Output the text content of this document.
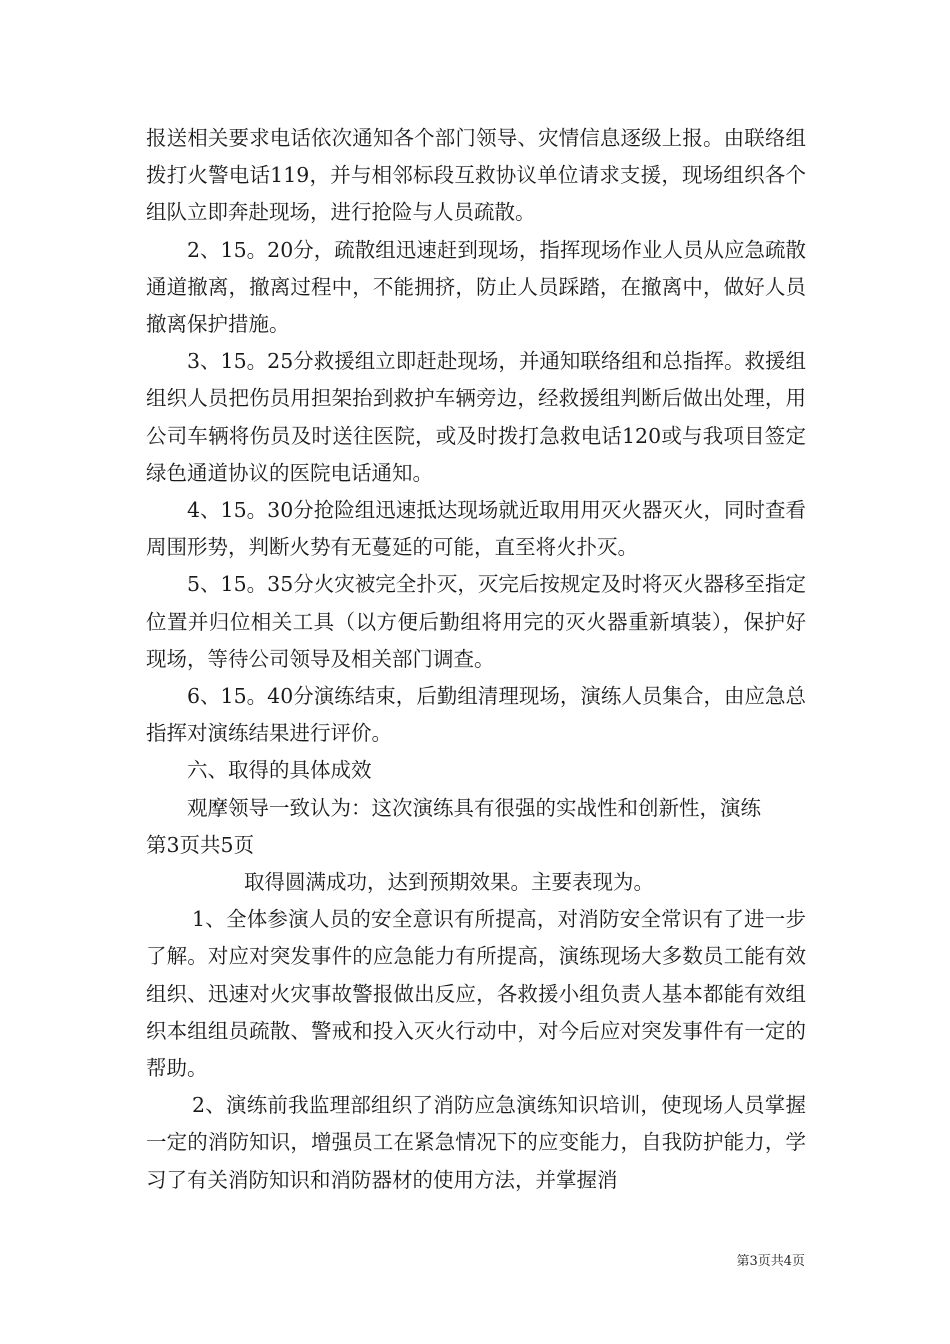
报送相关要求电话依次通知各个部门领导、灾情信息逐级上报。由联络组拨打火警电话119，并与相邻标段互救协议单位请求支援，现场组织各个组队立即奔赴现场，进行抢险与人员疏散。

2、15。20分，疏散组迅速赶到现场，指挥现场作业人员从应急疏散通道撤离，撤离过程中，不能拥挤，防止人员踩踏，在撤离中，做好人员撤离保护措施。

3、15。25分救援组立即赶赴现场，并通知联络组和总指挥。救援组组织人员把伤员用担架抬到救护车辆旁边，经救援组判断后做出处理，用公司车辆将伤员及时送往医院，或及时拨打急救电话120或与我项目签定绿色通道协议的医院电话通知。

4、15。30分抢险组迅速抵达现场就近取用用灭火器灭火，同时查看周围形势，判断火势有无蔓延的可能，直至将火扑灭。

5、15。35分火灾被完全扑灭，灭完后按规定及时将灭火器移至指定位置并归位相关工具（以方便后勤组将用完的灭火器重新填装），保护好现场，等待公司领导及相关部门调查。

6、15。40分演练结束，后勤组清理现场，演练人员集合，由应急总指挥对演练结果进行评价。

六、取得的具体成效

观摩领导一致认为：这次演练具有很强的实战性和创新性，演练

第3页共5页

取得圆满成功，达到预期效果。主要表现为。

1、全体参演人员的安全意识有所提高，对消防安全常识有了进一步了解。对应对突发事件的应急能力有所提高，演练现场大多数员工能有效组织、迅速对火灾事故警报做出反应，各救援小组负责人基本都能有效组织本组组员疏散、警戒和投入灭火行动中，对今后应对突发事件有一定的帮助。

2、演练前我监理部组织了消防应急演练知识培训，使现场人员掌握一定的消防知识，增强员工在紧急情况下的应变能力，自我防护能力，学习了有关消防知识和消防器材的使用方法，并掌握消

第3页共4页
